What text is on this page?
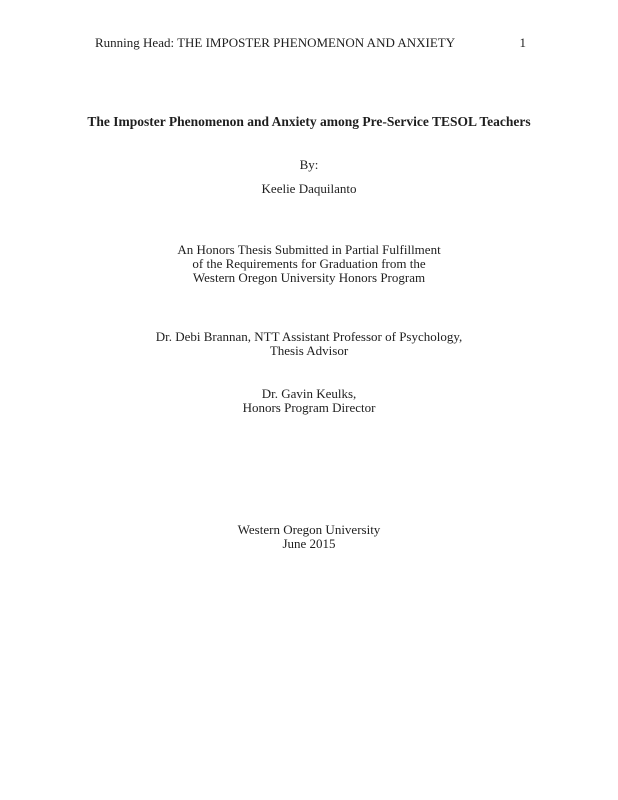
Running Head: THE IMPOSTER PHENOMENON AND ANXIETY	1
The Imposter Phenomenon and Anxiety among Pre-Service TESOL Teachers
By:
Keelie Daquilanto
An Honors Thesis Submitted in Partial Fulfillment
of the Requirements for Graduation from the
Western Oregon University Honors Program
Dr. Debi Brannan, NTT Assistant Professor of Psychology,
Thesis Advisor
Dr. Gavin Keulks,
Honors Program Director
Western Oregon University
June 2015
